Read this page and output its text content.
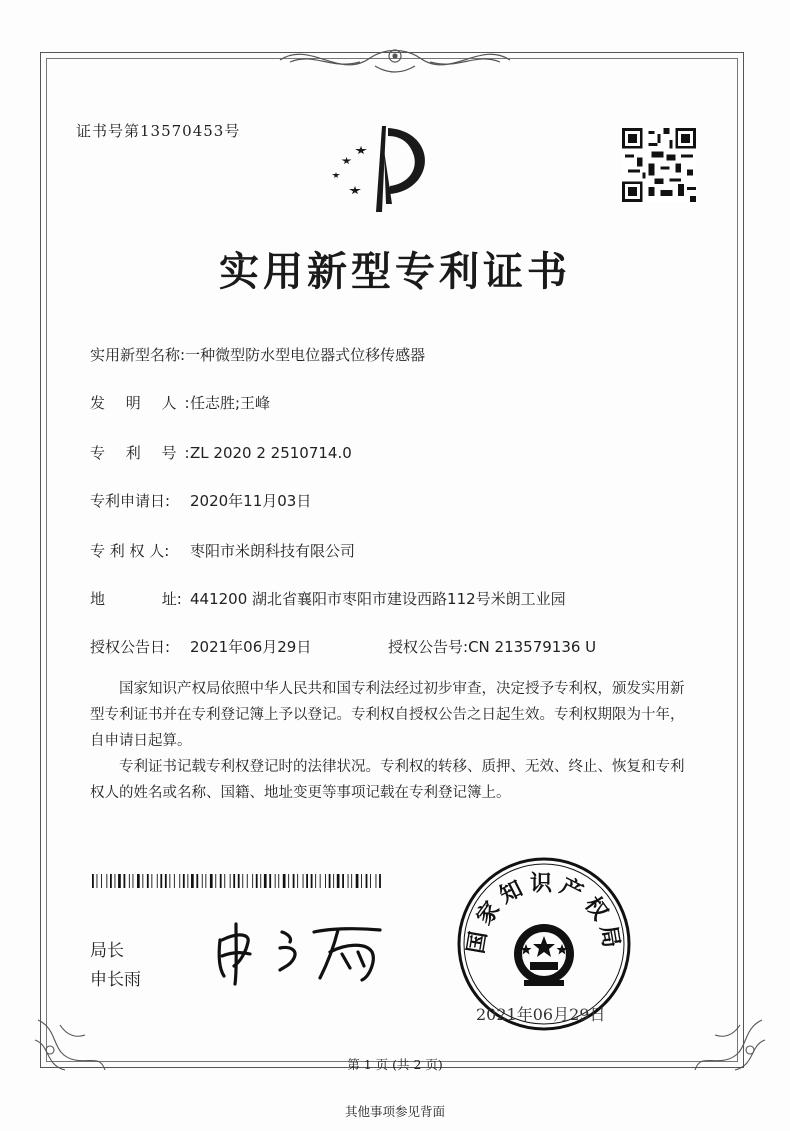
证书号第13570453号
实用新型专利证书
实用新型名称:一种微型防水型电位器式位移传感器
发 明 人:任志胜;王峰
专 利 号:ZL 2020 2 2510714.0
专利申请日: 2020年11月03日
专 利 权 人: 枣阳市米朗科技有限公司
地 址: 441200 湖北省襄阳市枣阳市建设西路112号米朗工业园
授权公告日: 2021年06月29日	授权公告号:CN 213579136 U

国家知识产权局依照中华人民共和国专利法经过初步审查，决定授予专利权，颁发实用新型专利证书并在专利登记簿上予以登记。专利权自授权公告之日起生效。专利权期限为十年，自申请日起算。

专利证书记载专利权登记时的法律状况。专利权的转移、质押、无效、终止、恢复和专利权人的姓名或名称、国籍、地址变更等事项记载在专利登记簿上。

局长
申长雨
国家知识产权局
2021年06月29日
第 1 页 (共 2 页)
其他事项参见背面
